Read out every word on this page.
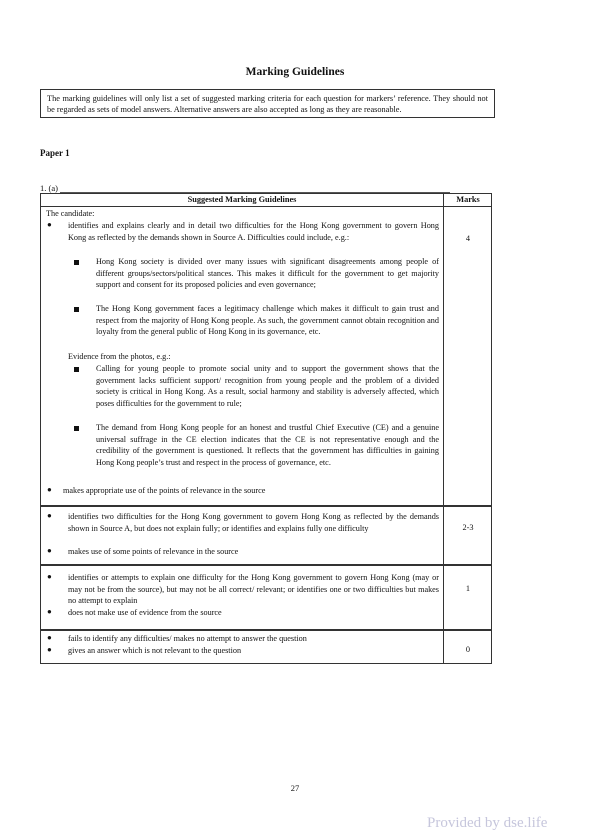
Marking Guidelines
The marking guidelines will only list a set of suggested marking criteria for each question for markers’ reference. They should not be regarded as sets of model answers. Alternative answers are also accepted as long as they are reasonable.
Paper 1
1. (a)
Suggested Marking Guidelines	Marks
The candidate:
● identifies and explains clearly and in detail two difficulties for the Hong Kong government to govern Hong Kong as reflected by the demands shown in Source A. Difficulties could include, e.g.:
Hong Kong society is divided over many issues with significant disagreements among people of different groups/sectors/political stances. This makes it difficult for the government to get majority support and consent for its proposed policies and even governance;
The Hong Kong government faces a legitimacy challenge which makes it difficult to gain trust and respect from the majority of Hong Kong people. As such, the government cannot obtain recognition and loyalty from the general public of Hong Kong in its governance, etc.
Evidence from the photos, e.g.:
Calling for young people to promote social unity and to support the government shows that the government lacks sufficient support/ recognition from young people and the problem of a divided society is critical in Hong Kong. As a result, social harmony and stability is adversely affected, which poses difficulties for the government to rule;
The demand from Hong Kong people for an honest and trustful Chief Executive (CE) and a genuine universal suffrage in the CE election indicates that the CE is not representative enough and the credibility of the government is questioned. It reflects that the government has difficulties in gaining Hong Kong people’s trust and respect in the process of governance, etc.
● makes appropriate use of the points of relevance in the source
4
● identifies two difficulties for the Hong Kong government to govern Hong Kong as reflected by the demands shown in Source A, but does not explain fully; or identifies and explains fully one difficulty
● makes use of some points of relevance in the source
2-3
● identifies or attempts to explain one difficulty for the Hong Kong government to govern Hong Kong (may or may not be from the source), but may not be all correct/ relevant; or identifies one or two difficulties but makes no attempt to explain
● does not make use of evidence from the source
1
● fails to identify any difficulties/ makes no attempt to answer the question
● gives an answer which is not relevant to the question	0
27
Provided by dse.life
